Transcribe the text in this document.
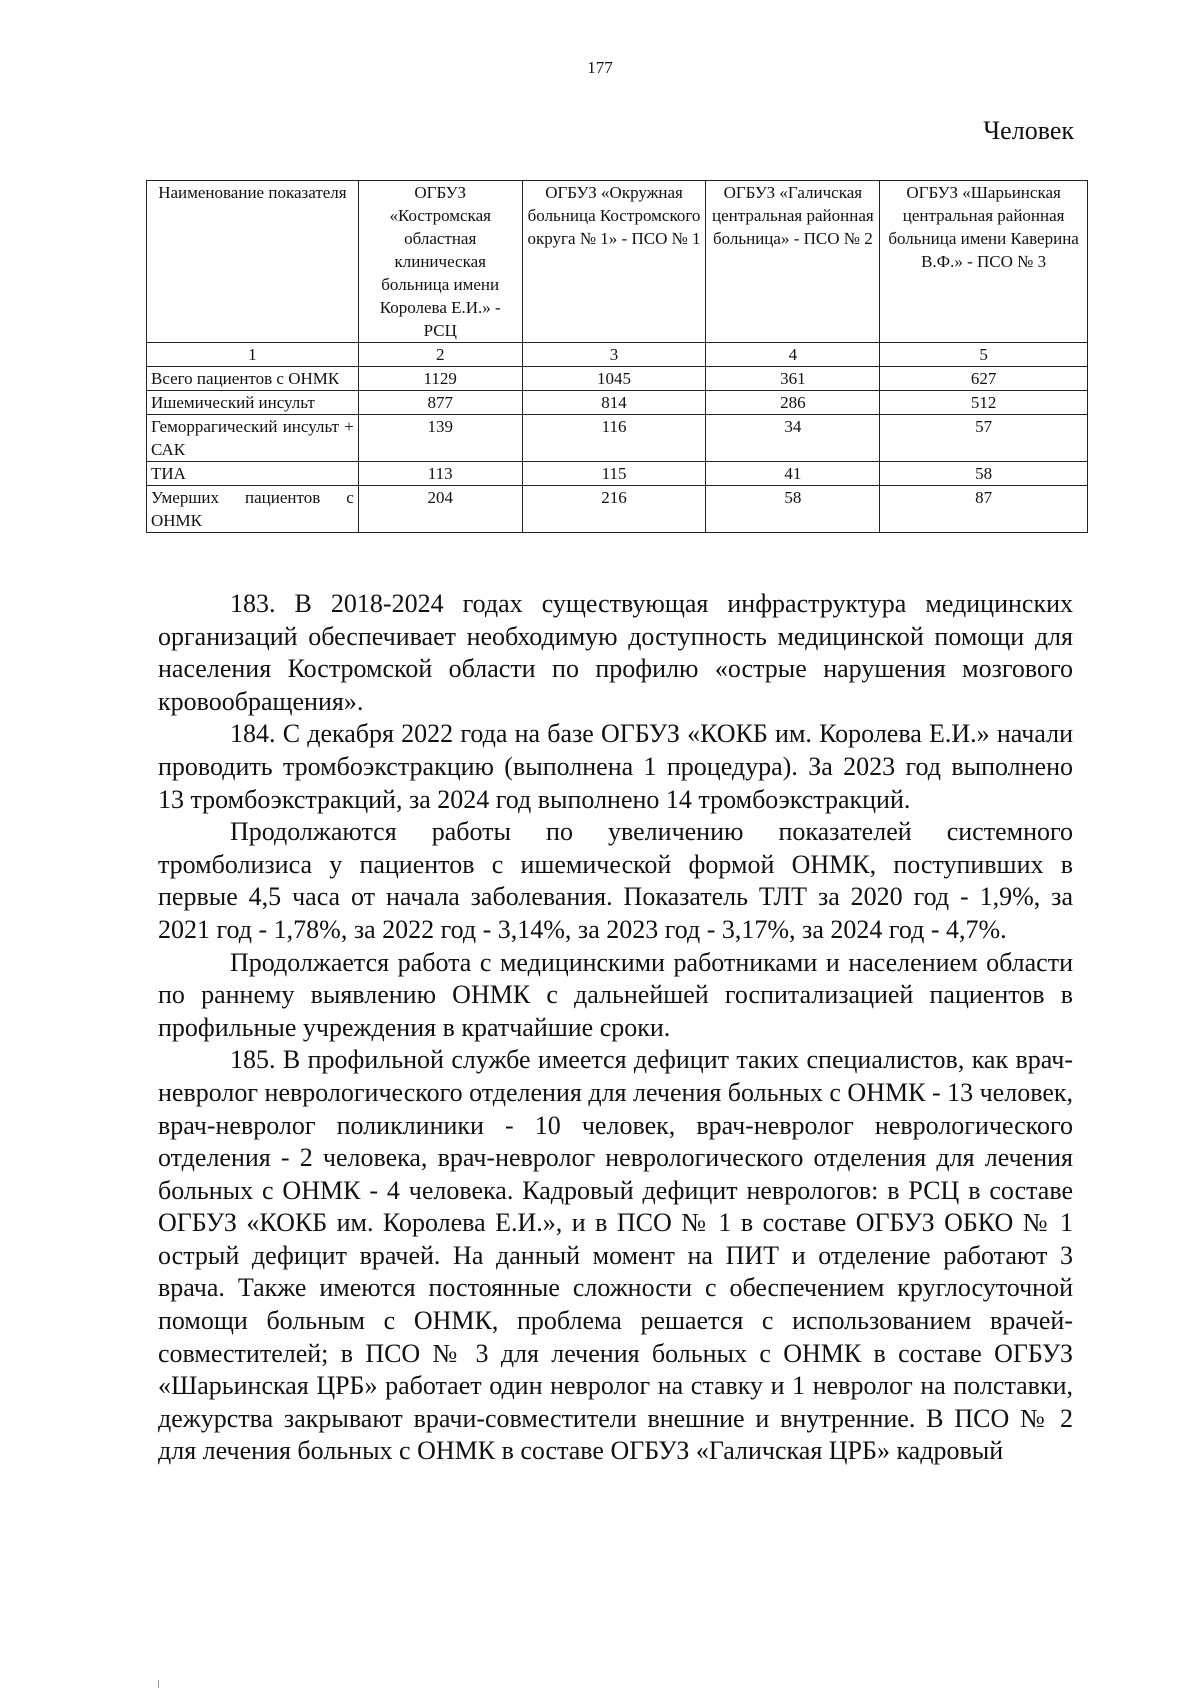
177
Человек
Наименование показателя	ОГБУЗ «Костромская областная клиническая больница имени Королева Е.И.» - РСЦ	ОГБУЗ «Окружная больница Костромского округа № 1» - ПСО № 1	ОГБУЗ «Галичская центральная районная больница» - ПСО № 2	ОГБУЗ «Шарьинская центральная районная больница имени Каверина В.Ф.» - ПСО № 3
1	2	3	4	5
Всего пациентов с ОНМК	1129	1045	361	627
Ишемический инсульт	877	814	286	512
Геморрагический инсульт + САК	139	116	34	57
ТИА	113	115	41	58
Умерших пациентов с ОНМК	204	216	58	87

183. В 2018-2024 годах существующая инфраструктура медицинских организаций обеспечивает необходимую доступность медицинской помощи для населения Костромской области по профилю «острые нарушения мозгового кровообращения».

184. С декабря 2022 года на базе ОГБУЗ «КОКБ им. Королева Е.И.» начали проводить тромбоэкстракцию (выполнена 1 процедура). За 2023 год выполнено 13 тромбоэкстракций, за 2024 год выполнено 14 тромбоэкстракций.

Продолжаются работы по увеличению показателей системного тромболизиса у пациентов с ишемической формой ОНМК, поступивших в первые 4,5 часа от начала заболевания. Показатель ТЛТ за 2020 год - 1,9%, за 2021 год - 1,78%, за 2022 год - 3,14%, за 2023 год - 3,17%, за 2024 год - 4,7%.

Продолжается работа с медицинскими работниками и населением области по раннему выявлению ОНМК с дальнейшей госпитализацией пациентов в профильные учреждения в кратчайшие сроки.

185. В профильной службе имеется дефицит таких специалистов, как врач-невролог неврологического отделения для лечения больных с ОНМК - 13 человек, врач-невролог поликлиники - 10 человек, врач-невролог неврологического отделения - 2 человека, врач-невролог неврологического отделения для лечения больных с ОНМК - 4 человека. Кадровый дефицит неврологов: в РСЦ в составе ОГБУЗ «КОКБ им. Королева Е.И.», и в ПСО № 1 в составе ОГБУЗ ОБКО № 1 острый дефицит врачей. На данный момент на ПИТ и отделение работают 3 врача. Также имеются постоянные сложности с обеспечением круглосуточной помощи больным с ОНМК, проблема решается с использованием врачей-совместителей; в ПСО № 3 для лечения больных с ОНМК в составе ОГБУЗ «Шарьинская ЦРБ» работает один невролог на ставку и 1 невролог на полставки, дежурства закрывают врачи-совместители внешние и внутренние. В ПСО № 2 для лечения больных с ОНМК в составе ОГБУЗ «Галичская ЦРБ» кадровый
